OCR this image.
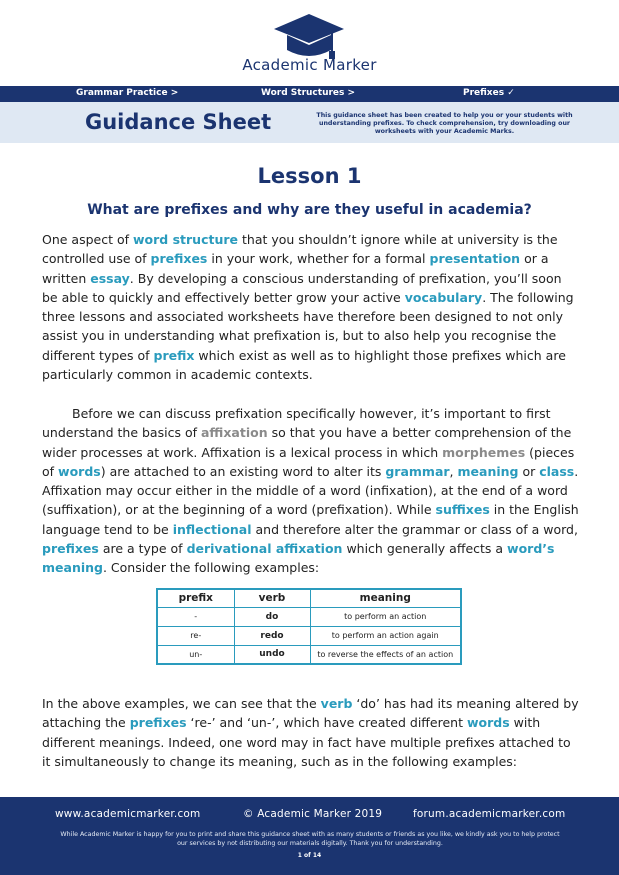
Academic Marker
Grammar Practice >	Word Structures >	Prefixes ✓
Guidance Sheet	This guidance sheet has been created to help you or your students with understanding prefixes. To check comprehension, try downloading our worksheets with your Academic Marks.
Lesson 1
What are prefixes and why are they useful in academia?

One aspect of word structure that you shouldn’t ignore while at university is the controlled use of prefixes in your work, whether for a formal presentation or a written essay. By developing a conscious understanding of prefixation, you’ll soon be able to quickly and effectively better grow your active vocabulary. The following three lessons and associated worksheets have therefore been designed to not only assist you in understanding what prefixation is, but to also help you recognise the different types of prefix which exist as well as to highlight those prefixes which are particularly common in academic contexts.

Before we can discuss prefixation specifically however, it’s important to first understand the basics of affixation so that you have a better comprehension of the wider processes at work. Affixation is a lexical process in which morphemes (pieces of words) are attached to an existing word to alter its grammar, meaning or class. Affixation may occur either in the middle of a word (infixation), at the end of a word (suffixation), or at the beginning of a word (prefixation). While suffixes in the English language tend to be inflectional and therefore alter the grammar or class of a word, prefixes are a type of derivational affixation which generally affects a word’s meaning. Consider the following examples:

prefix	verb	meaning
-	do	to perform an action
re-	redo	to perform an action again
un-	undo	to reverse the effects of an action

In the above examples, we can see that the verb ‘do’ has had its meaning altered by attaching the prefixes ‘re-’ and ‘un-’, which have created different words with different meanings. Indeed, one word may in fact have multiple prefixes attached to it simultaneously to change its meaning, such as in the following examples:

www.academicmarker.com	© Academic Marker 2019	forum.academicmarker.com
While Academic Marker is happy for you to print and share this guidance sheet with as many students or friends as you like, we kindly ask you to help protect our services by not distributing our materials digitally. Thank you for understanding.
1 of 14
